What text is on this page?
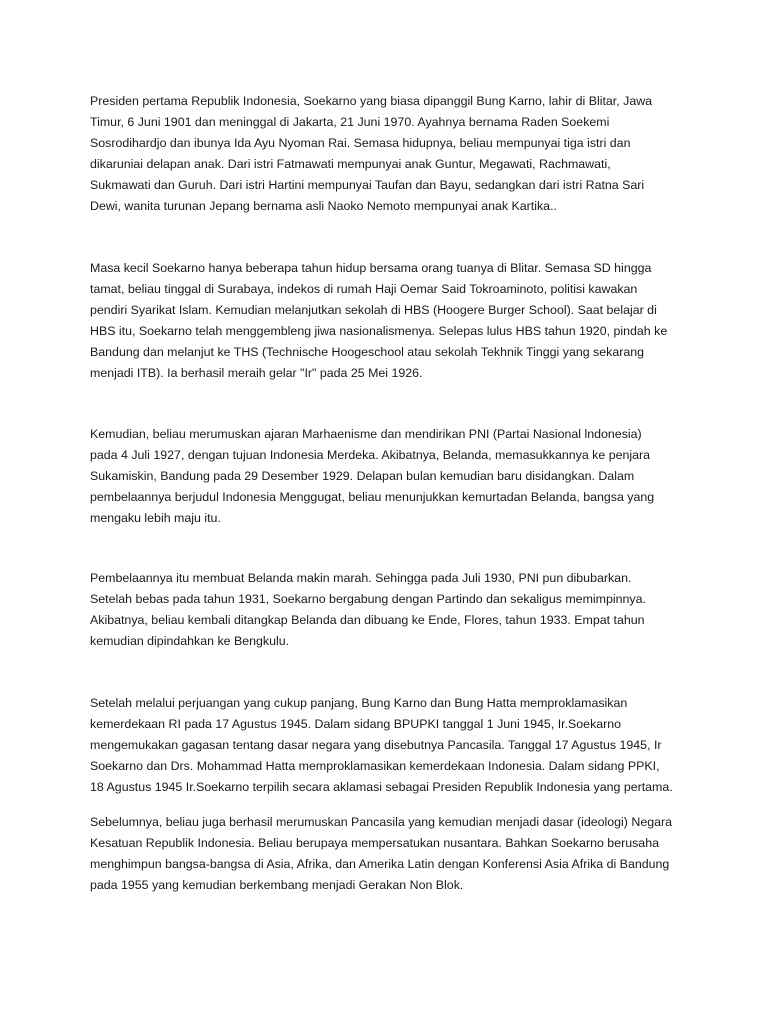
Presiden pertama Republik Indonesia, Soekarno yang biasa dipanggil Bung Karno, lahir di Blitar, Jawa
Timur, 6 Juni 1901 dan meninggal di Jakarta, 21 Juni 1970. Ayahnya bernama Raden Soekemi
Sosrodihardjo dan ibunya Ida Ayu Nyoman Rai. Semasa hidupnya, beliau mempunyai tiga istri dan
dikaruniai delapan anak. Dari istri Fatmawati mempunyai anak Guntur, Megawati, Rachmawati,
Sukmawati dan Guruh. Dari istri Hartini mempunyai Taufan dan Bayu, sedangkan dari istri Ratna Sari
Dewi, wanita turunan Jepang bernama asli Naoko Nemoto mempunyai anak Kartika..

Masa kecil Soekarno hanya beberapa tahun hidup bersama orang tuanya di Blitar. Semasa SD hingga
tamat, beliau tinggal di Surabaya, indekos di rumah Haji Oemar Said Tokroaminoto, politisi kawakan
pendiri Syarikat Islam. Kemudian melanjutkan sekolah di HBS (Hoogere Burger School). Saat belajar di
HBS itu, Soekarno telah menggembleng jiwa nasionalismenya. Selepas lulus HBS tahun 1920, pindah ke
Bandung dan melanjut ke THS (Technische Hoogeschool atau sekolah Tekhnik Tinggi yang sekarang
menjadi ITB). Ia berhasil meraih gelar "Ir" pada 25 Mei 1926.

Kemudian, beliau merumuskan ajaran Marhaenisme dan mendirikan PNI (Partai Nasional lndonesia)
pada 4 Juli 1927, dengan tujuan Indonesia Merdeka. Akibatnya, Belanda, memasukkannya ke penjara
Sukamiskin, Bandung pada 29 Desember 1929. Delapan bulan kemudian baru disidangkan. Dalam
pembelaannya berjudul Indonesia Menggugat, beliau menunjukkan kemurtadan Belanda, bangsa yang
mengaku lebih maju itu.

Pembelaannya itu membuat Belanda makin marah. Sehingga pada Juli 1930, PNI pun dibubarkan.
Setelah bebas pada tahun 1931, Soekarno bergabung dengan Partindo dan sekaligus memimpinnya.
Akibatnya, beliau kembali ditangkap Belanda dan dibuang ke Ende, Flores, tahun 1933. Empat tahun
kemudian dipindahkan ke Bengkulu.

Setelah melalui perjuangan yang cukup panjang, Bung Karno dan Bung Hatta memproklamasikan
kemerdekaan RI pada 17 Agustus 1945. Dalam sidang BPUPKI tanggal 1 Juni 1945, Ir.Soekarno
mengemukakan gagasan tentang dasar negara yang disebutnya Pancasila. Tanggal 17 Agustus 1945, Ir
Soekarno dan Drs. Mohammad Hatta memproklamasikan kemerdekaan Indonesia. Dalam sidang PPKI,
18 Agustus 1945 Ir.Soekarno terpilih secara aklamasi sebagai Presiden Republik Indonesia yang pertama.

Sebelumnya, beliau juga berhasil merumuskan Pancasila yang kemudian menjadi dasar (ideologi) Negara
Kesatuan Republik Indonesia. Beliau berupaya mempersatukan nusantara. Bahkan Soekarno berusaha
menghimpun bangsa-bangsa di Asia, Afrika, dan Amerika Latin dengan Konferensi Asia Afrika di Bandung
pada 1955 yang kemudian berkembang menjadi Gerakan Non Blok.
